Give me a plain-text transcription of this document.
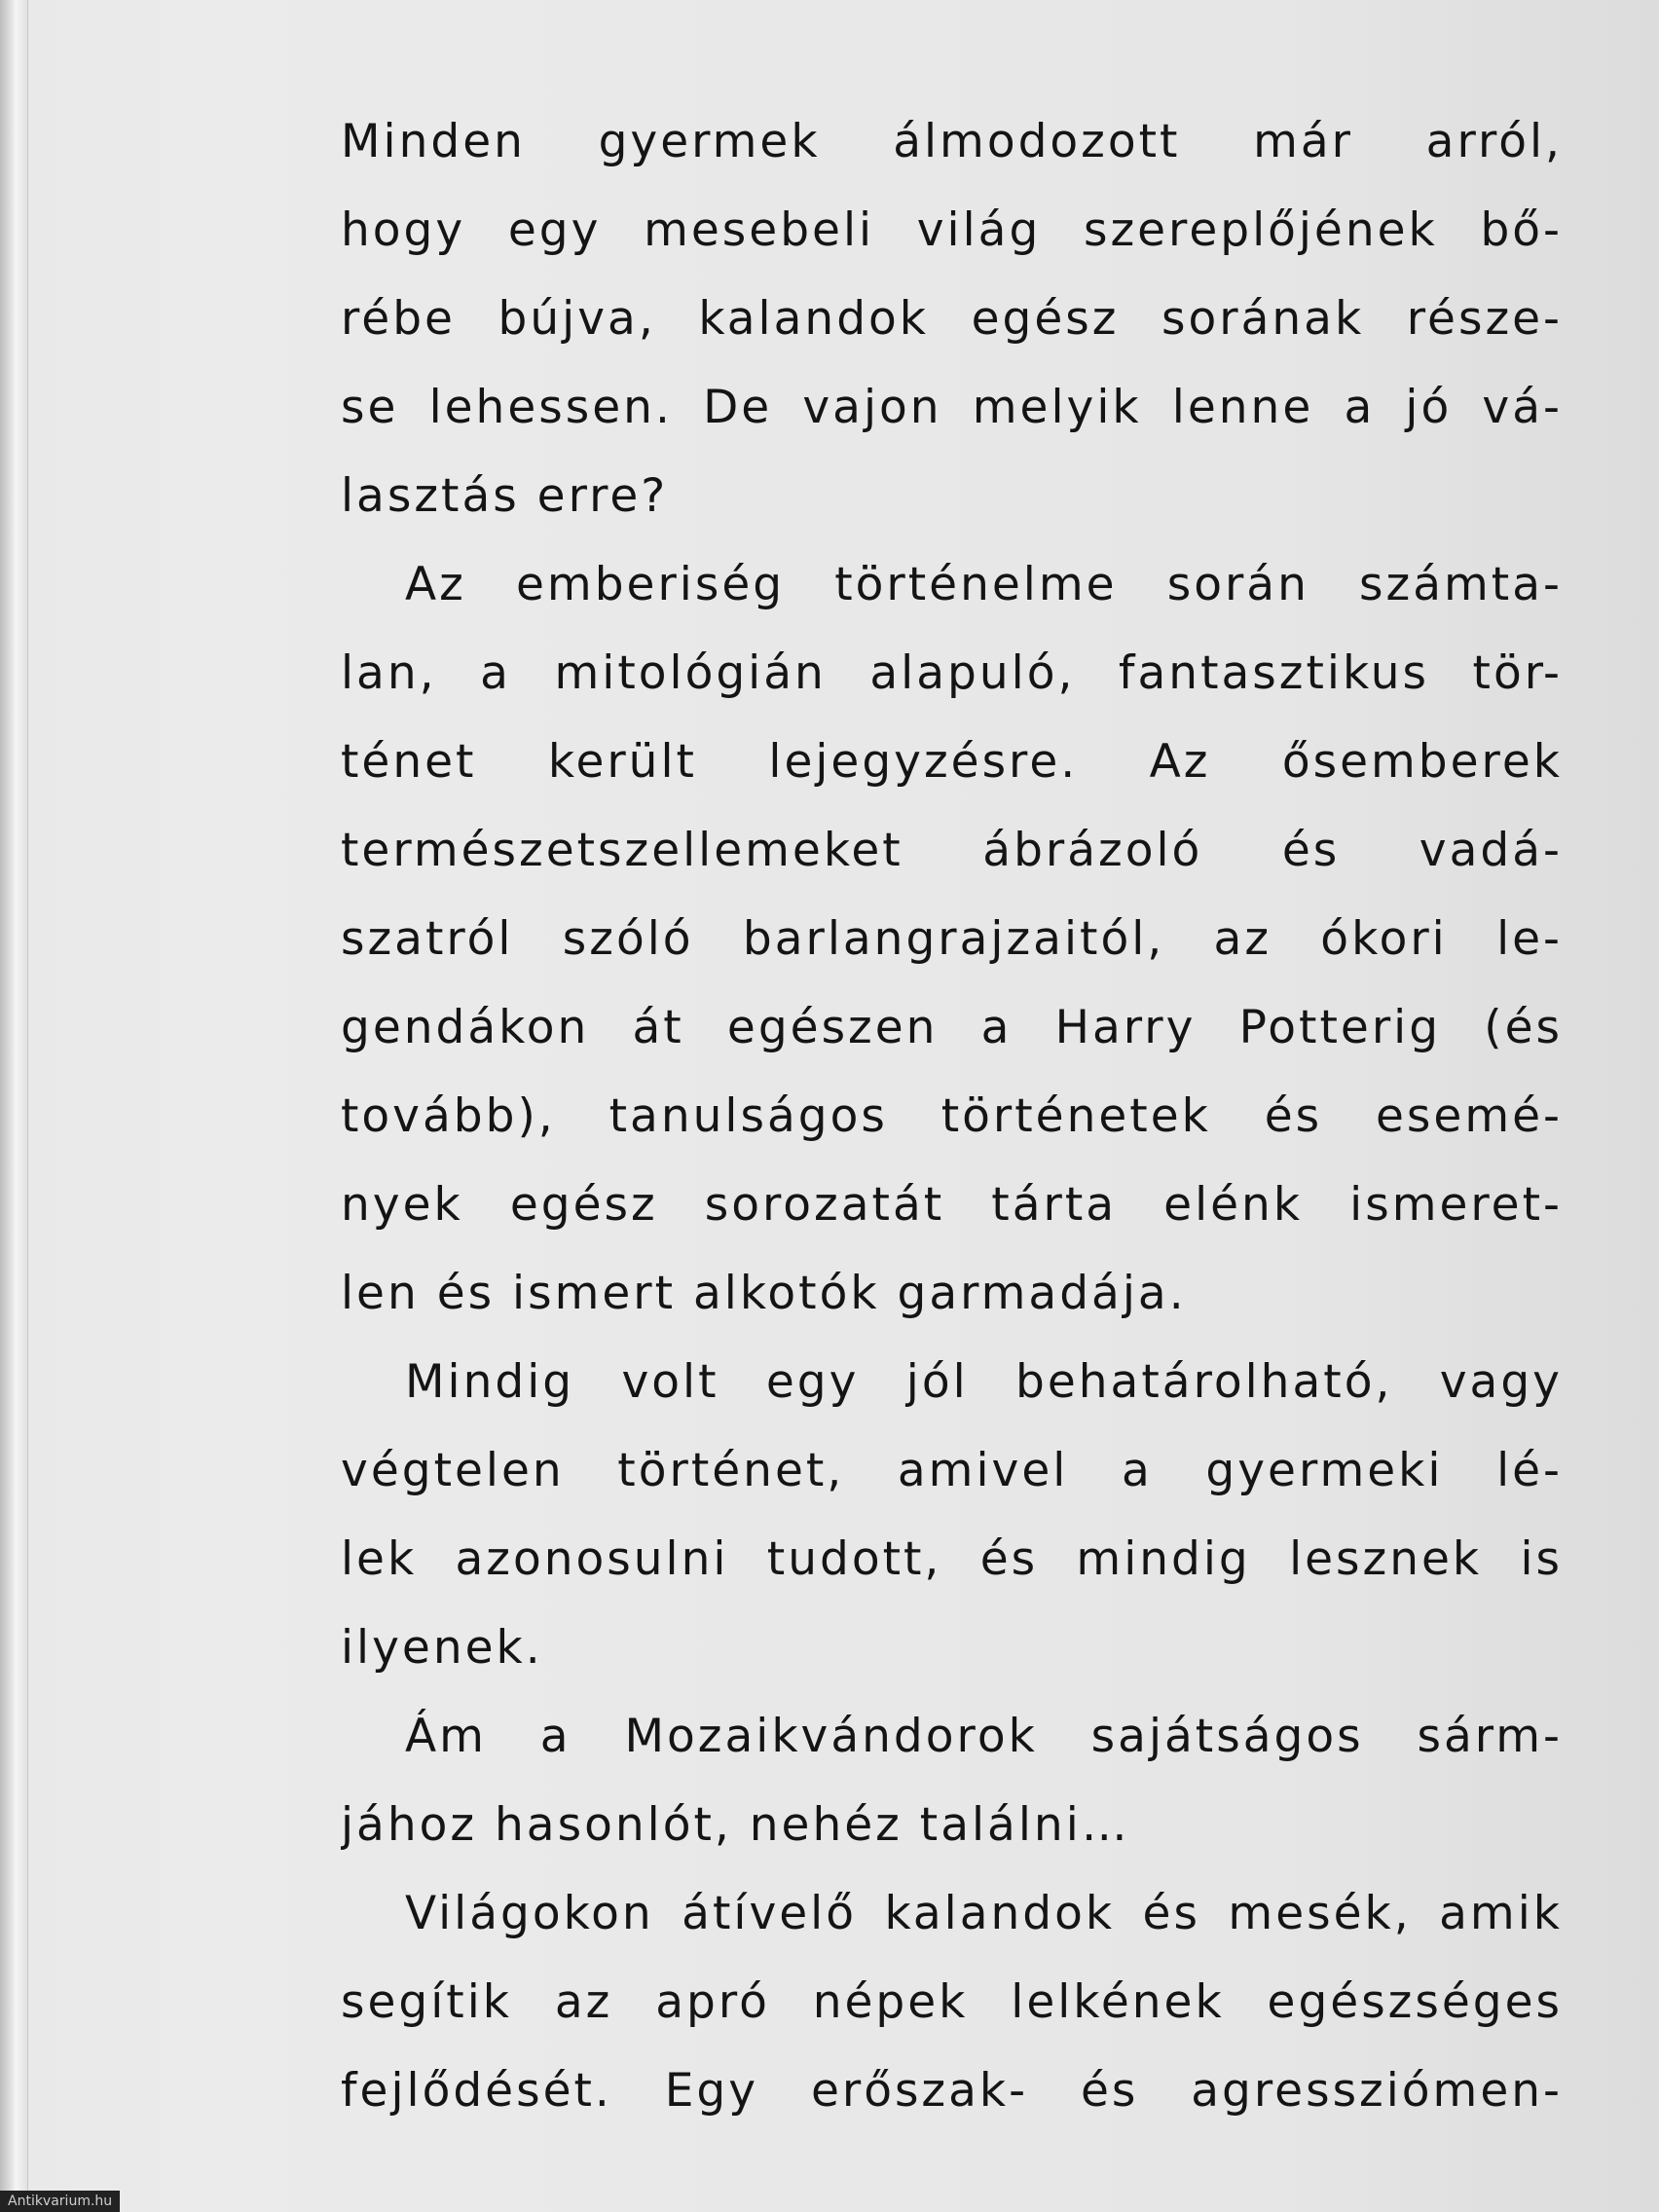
Minden gyermek álmodozott már arról,
hogy egy mesebeli világ szereplőjének bő-
rébe bújva, kalandok egész sorának része-
se lehessen. De vajon melyik lenne a jó vá-
lasztás erre?
Az emberiség történelme során számta-
lan, a mitológián alapuló, fantasztikus tör-
ténet került lejegyzésre. Az ősemberek
természetszellemeket ábrázoló és vadá-
szatról szóló barlangrajzaitól, az ókori le-
gendákon át egészen a Harry Potterig (és
tovább), tanulságos történetek és esemé-
nyek egész sorozatát tárta elénk ismeret-
len és ismert alkotók garmadája.
Mindig volt egy jól behatárolható, vagy
végtelen történet, amivel a gyermeki lé-
lek azonosulni tudott, és mindig lesznek is
ilyenek.
Ám a Mozaikvándorok sajátságos sárm-
jához hasonlót, nehéz találni…
Világokon átívelő kalandok és mesék, amik
segítik az apró népek lelkének egészséges
fejlődését. Egy erőszak- és agressziómen-
Antikvarium.hu
